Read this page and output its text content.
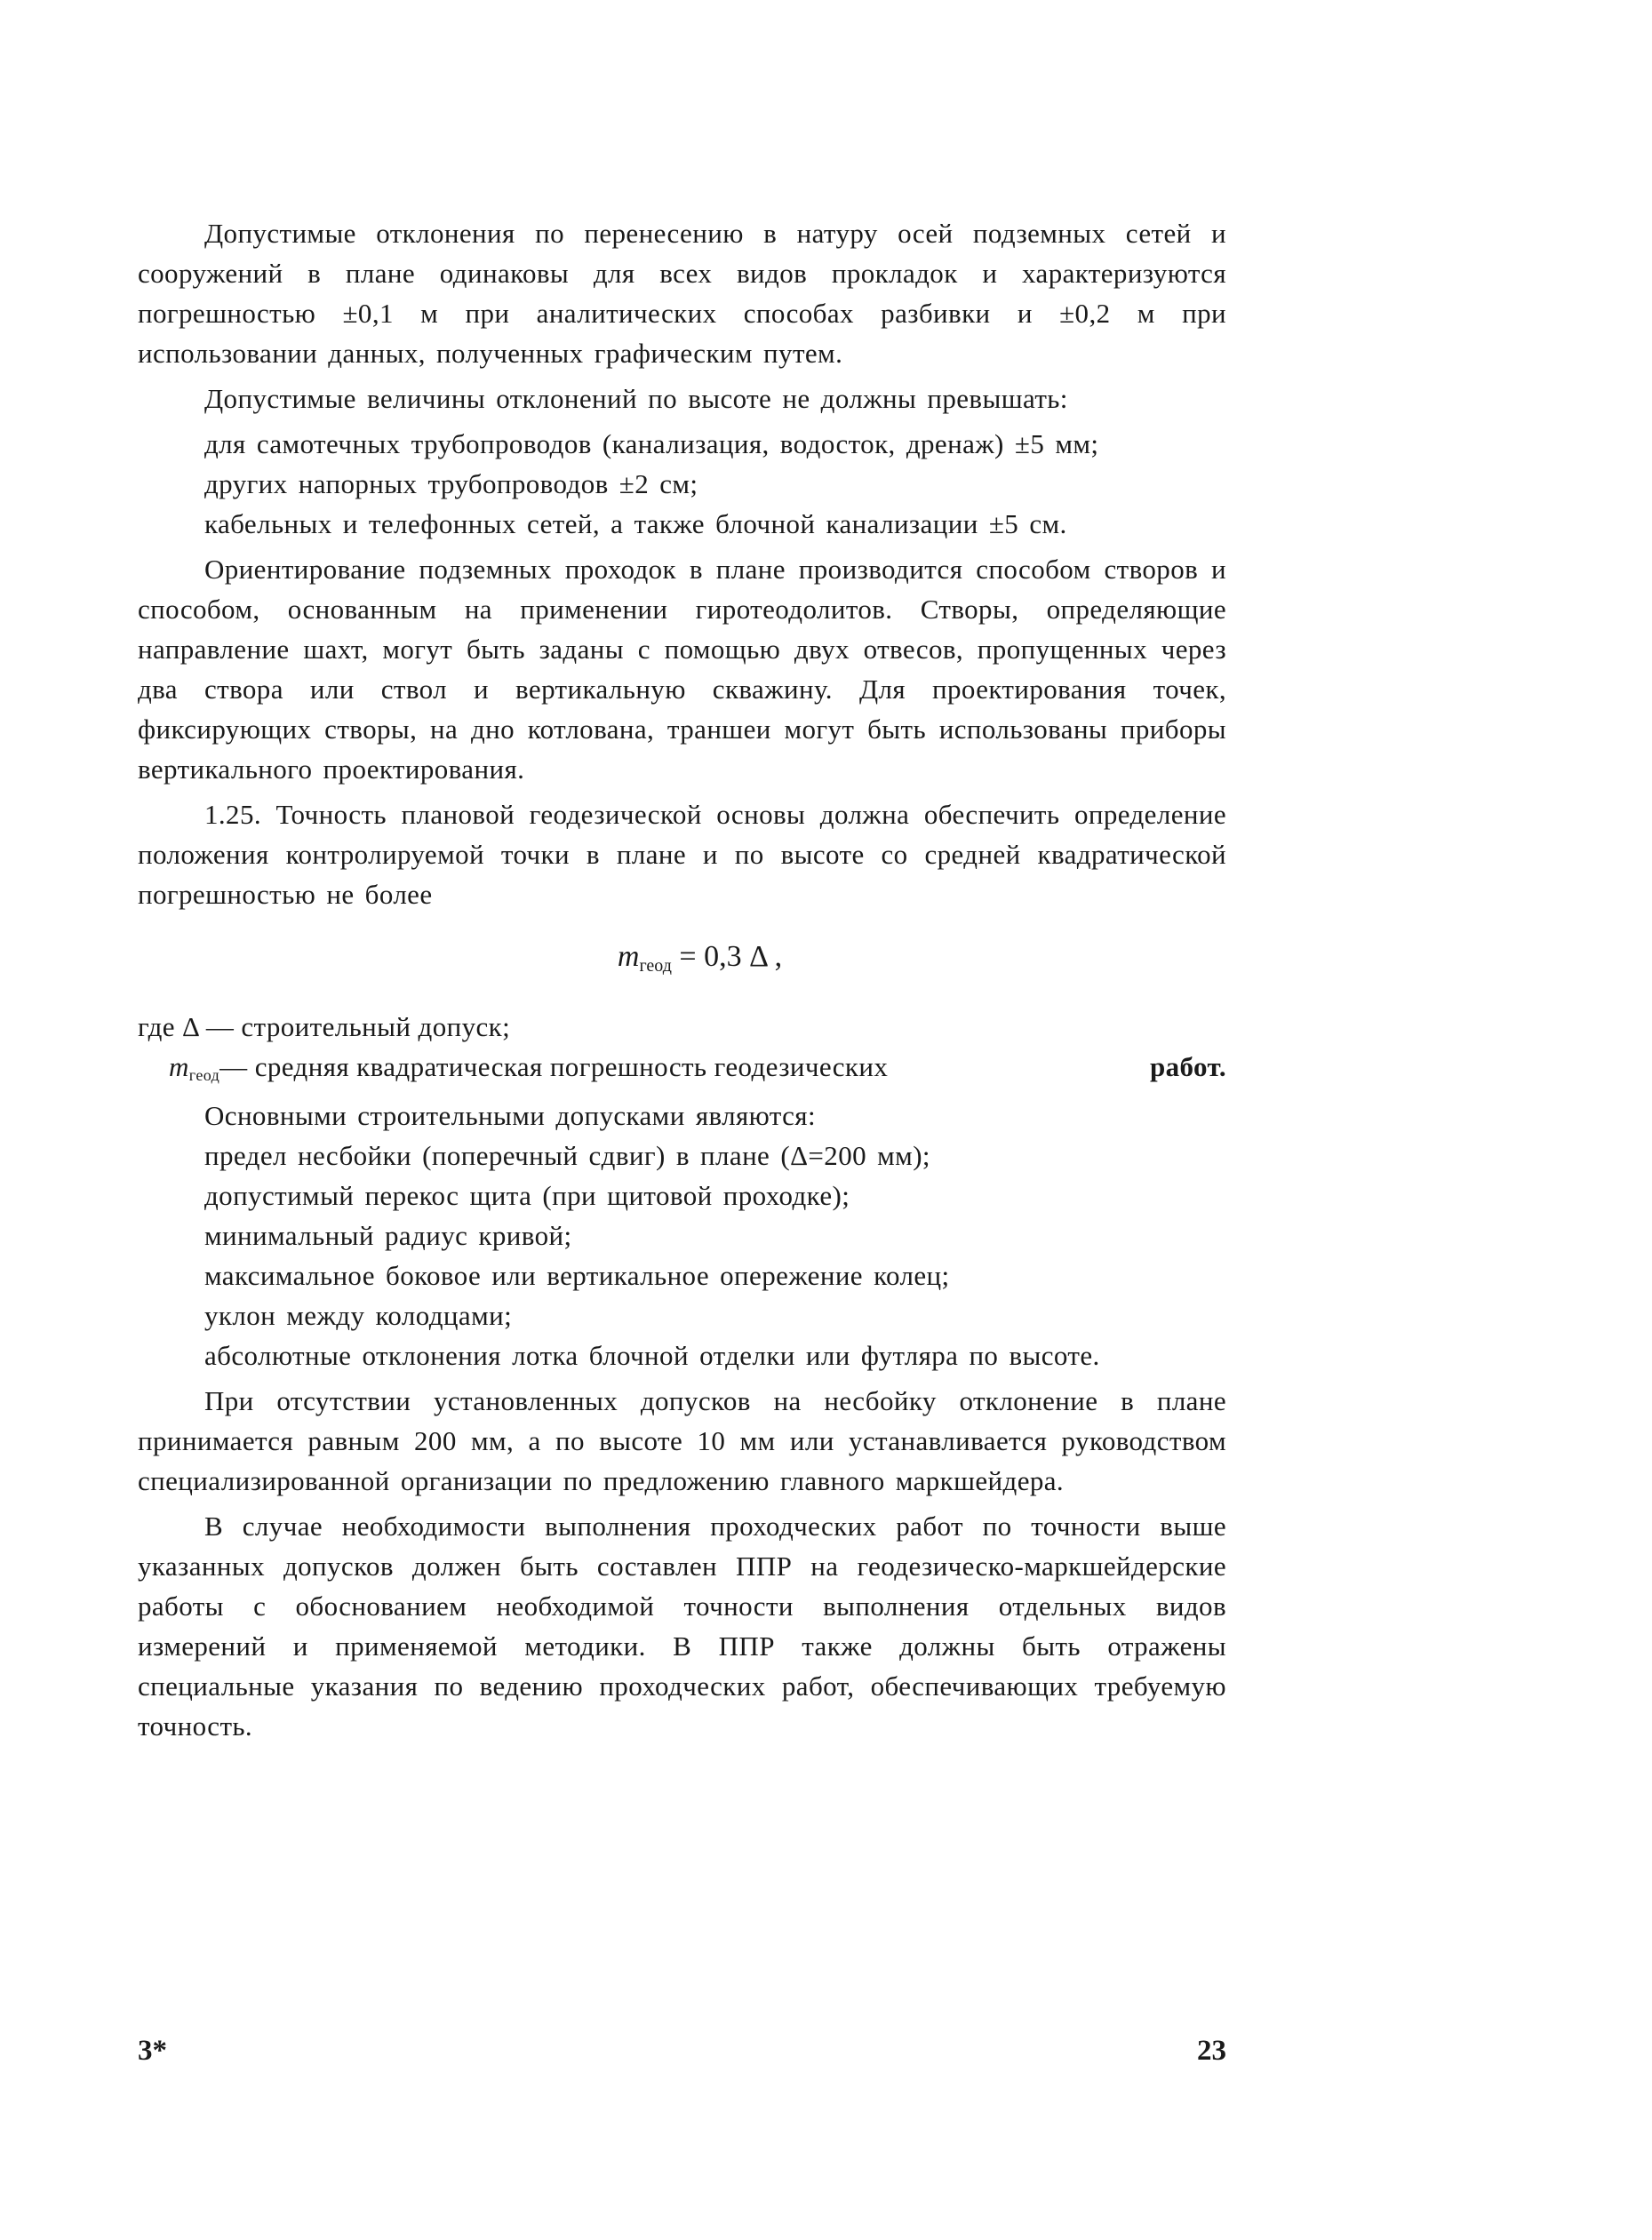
Допустимые отклонения по перенесению в натуру осей подземных сетей и сооружений в плане одинаковы для всех видов прокладок и характеризуются погрешностью ±0,1 м при аналитических способах разбивки и ±0,2 м при использовании данных, полученных графическим путем.

Допустимые величины отклонений по высоте не должны превышать:

для самотечных трубопроводов (канализация, водосток, дренаж) ±5 мм;

других напорных трубопроводов ±2 см;

кабельных и телефонных сетей, а также блочной канализации ±5 см.

Ориентирование подземных проходок в плане производится способом створов и способом, основанным на применении гиротеодолитов. Створы, определяющие направление шахт, могут быть заданы с помощью двух отвесов, пропущенных через два створа или ствол и вертикальную скважину. Для проектирования точек, фиксирующих створы, на дно котлована, траншеи могут быть использованы приборы вертикального проектирования.

1.25. Точность плановой геодезической основы должна обеспечить определение положения контролируемой точки в плане и по высоте со средней квадратической погрешностью не более

$m_{геод} = 0,3$ Δ ,
где Δ — строительный допуск;
$m_{геод}—$ средняя квадратическая погрешность геодезических	работ.

Основными строительными допусками являются:

предел несбойки (поперечный сдвиг) в плане (Δ=200 мм);

допустимый перекос щита (при щитовой проходке);

минимальный радиус кривой;

максимальное боковое или вертикальное опережение колец;

уклон между колодцами;

абсолютные отклонения лотка блочной отделки или футляра по высоте.

При отсутствии установленных допусков на несбойку отклонение в плане принимается равным 200 мм, а по высоте 10 мм или устанавливается руководством специализированной организации по предложению главного маркшейдера.

В случае необходимости выполнения проходческих работ по точности выше указанных допусков должен быть составлен ППР на геодезическо-маркшейдерские работы с обоснованием необходимой точности выполнения отдельных видов измерений и применяемой методики. В ППР также должны быть отражены специальные указания по ведению проходческих работ, обеспечивающих требуемую точность.

3*	23
